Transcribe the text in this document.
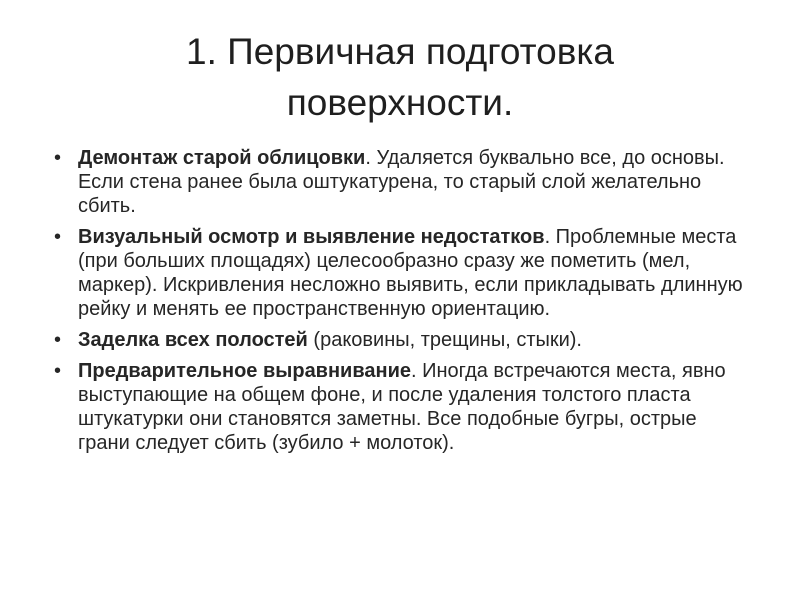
1. Первичная подготовка
поверхности.
• Демонтаж старой облицовки. Удаляется буквально все, до основы. Если стена ранее была оштукатурена, то старый слой желательно сбить.
• Визуальный осмотр и выявление недостатков. Проблемные места (при больших площадях) целесообразно сразу же пометить (мел, маркер). Искривления несложно выявить, если прикладывать длинную рейку и менять ее пространственную ориентацию.
• Заделка всех полостей (раковины, трещины, стыки).
• Предварительное выравнивание. Иногда встречаются места, явно выступающие на общем фоне, и после удаления толстого пласта штукатурки они становятся заметны. Все подобные бугры, острые грани следует сбить (зубило + молоток).
